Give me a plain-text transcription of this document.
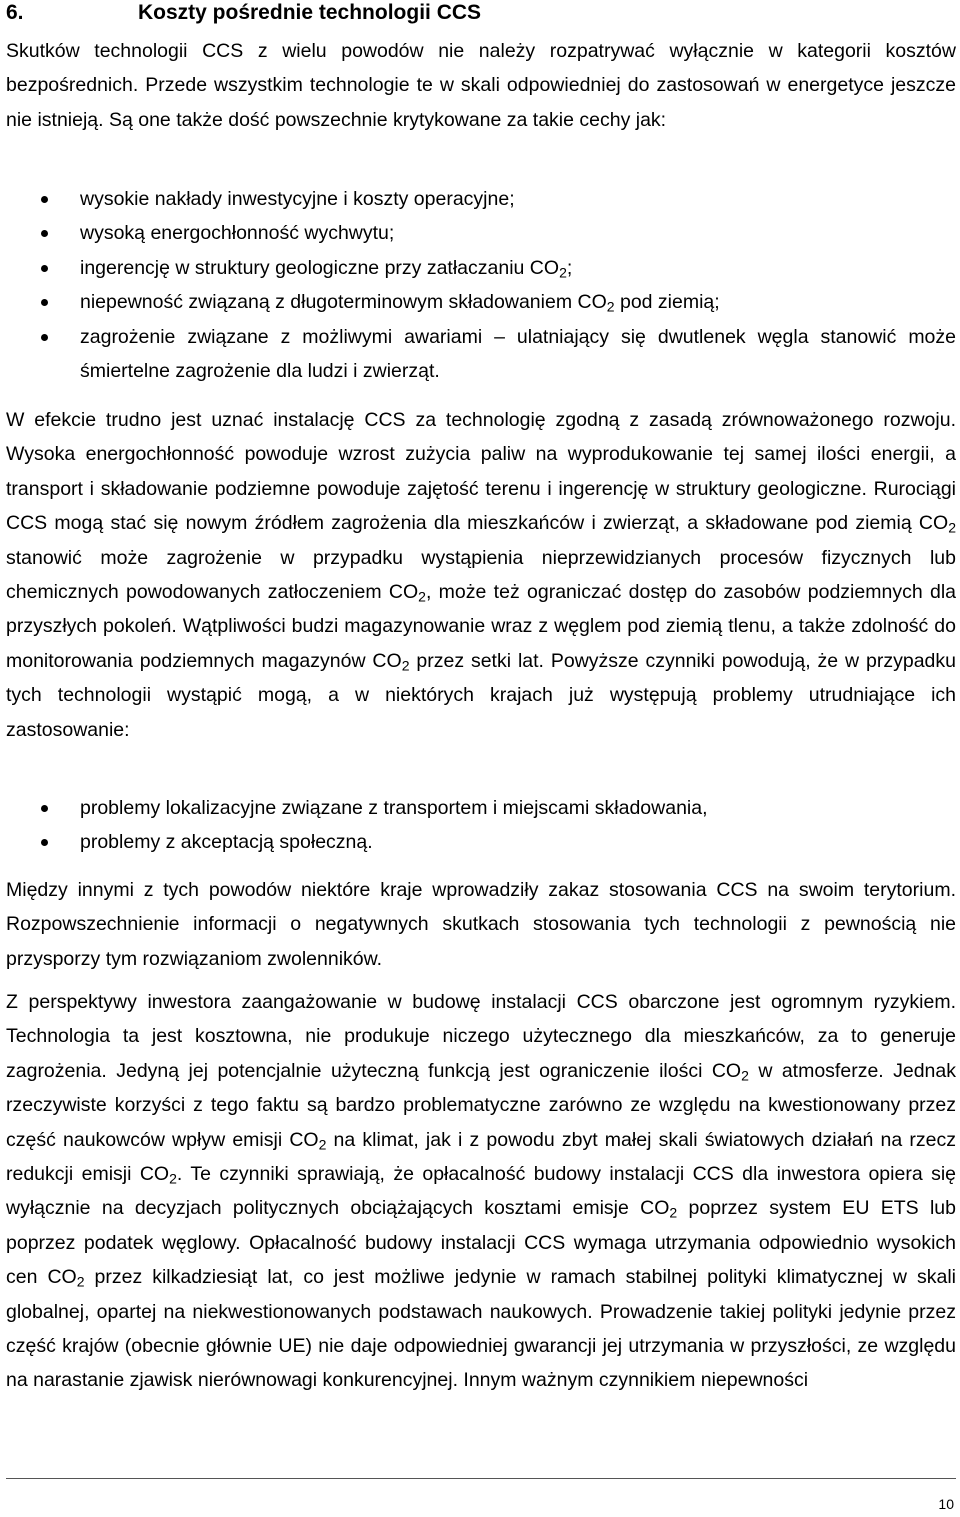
6.	Koszty pośrednie technologii CCS

Skutków technologii CCS z wielu powodów nie należy rozpatrywać wyłącznie w kategorii kosztów bezpośrednich. Przede wszystkim technologie te w skali odpowiedniej do zastosowań w energetyce jeszcze nie istnieją. Są one także dość powszechnie krytykowane za takie cechy jak:

wysokie nakłady inwestycyjne i koszty operacyjne;
wysoką energochłonność wychwytu;
ingerencję w struktury geologiczne przy zatłaczaniu $CO_2$;
niepewność związaną z długoterminowym składowaniem $CO_2$ pod ziemią;
zagrożenie związane z możliwymi awariami – ulatniający się dwutlenek węgla stanowić może śmiertelne zagrożenie dla ludzi i zwierząt.

W efekcie trudno jest uznać instalację CCS za technologię zgodną z zasadą zrównoważonego rozwoju. Wysoka energochłonność powoduje wzrost zużycia paliw na wyprodukowanie tej samej ilości energii, a transport i składowanie podziemne powoduje zajętość terenu i ingerencję w struktury geologiczne. Rurociągi CCS mogą stać się nowym źródłem zagrożenia dla mieszkańców i zwierząt, a składowane pod ziemią $CO_2$ stanowić może zagrożenie w przypadku wystąpienia nieprzewidzianych procesów fizycznych lub chemicznych powodowanych zatłoczeniem $CO_2$, może też ograniczać dostęp do zasobów podziemnych dla przyszłych pokoleń. Wątpliwości budzi magazynowanie wraz z węglem pod ziemią tlenu, a także zdolność do monitorowania podziemnych magazynów $CO_2$ przez setki lat. Powyższe czynniki powodują, że w przypadku tych technologii wystąpić mogą, a w niektórych krajach już występują problemy utrudniające ich zastosowanie:

problemy lokalizacyjne związane z transportem i miejscami składowania,
problemy z akceptacją społeczną.

Między innymi z tych powodów niektóre kraje wprowadziły zakaz stosowania CCS na swoim terytorium. Rozpowszechnienie informacji o negatywnych skutkach stosowania tych technologii z pewnością nie przysporzy tym rozwiązaniom zwolenników.

Z perspektywy inwestora zaangażowanie w budowę instalacji CCS obarczone jest ogromnym ryzykiem. Technologia ta jest kosztowna, nie produkuje niczego użytecznego dla mieszkańców, za to generuje zagrożenia. Jedyną jej potencjalnie użyteczną funkcją jest ograniczenie ilości $CO_2$ w atmosferze. Jednak rzeczywiste korzyści z tego faktu są bardzo problematyczne zarówno ze względu na kwestionowany przez część naukowców wpływ emisji $CO_2$ na klimat, jak i z powodu zbyt małej skali światowych działań na rzecz redukcji emisji $CO_2$. Te czynniki sprawiają, że opłacalność budowy instalacji CCS dla inwestora opiera się wyłącznie na decyzjach politycznych obciążających kosztami emisje $CO_2$ poprzez system EU ETS lub poprzez podatek węglowy. Opłacalność budowy instalacji CCS wymaga utrzymania odpowiednio wysokich cen $CO_2$ przez kilkadziesiąt lat, co jest możliwe jedynie w ramach stabilnej polityki klimatycznej w skali globalnej, opartej na niekwestionowanych podstawach naukowych. Prowadzenie takiej polityki jedynie przez część krajów (obecnie głównie UE) nie daje odpowiedniej gwarancji jej utrzymania w przyszłości, ze względu na narastanie zjawisk nierównowagi konkurencyjnej. Innym ważnym czynnikiem niepewności

10
